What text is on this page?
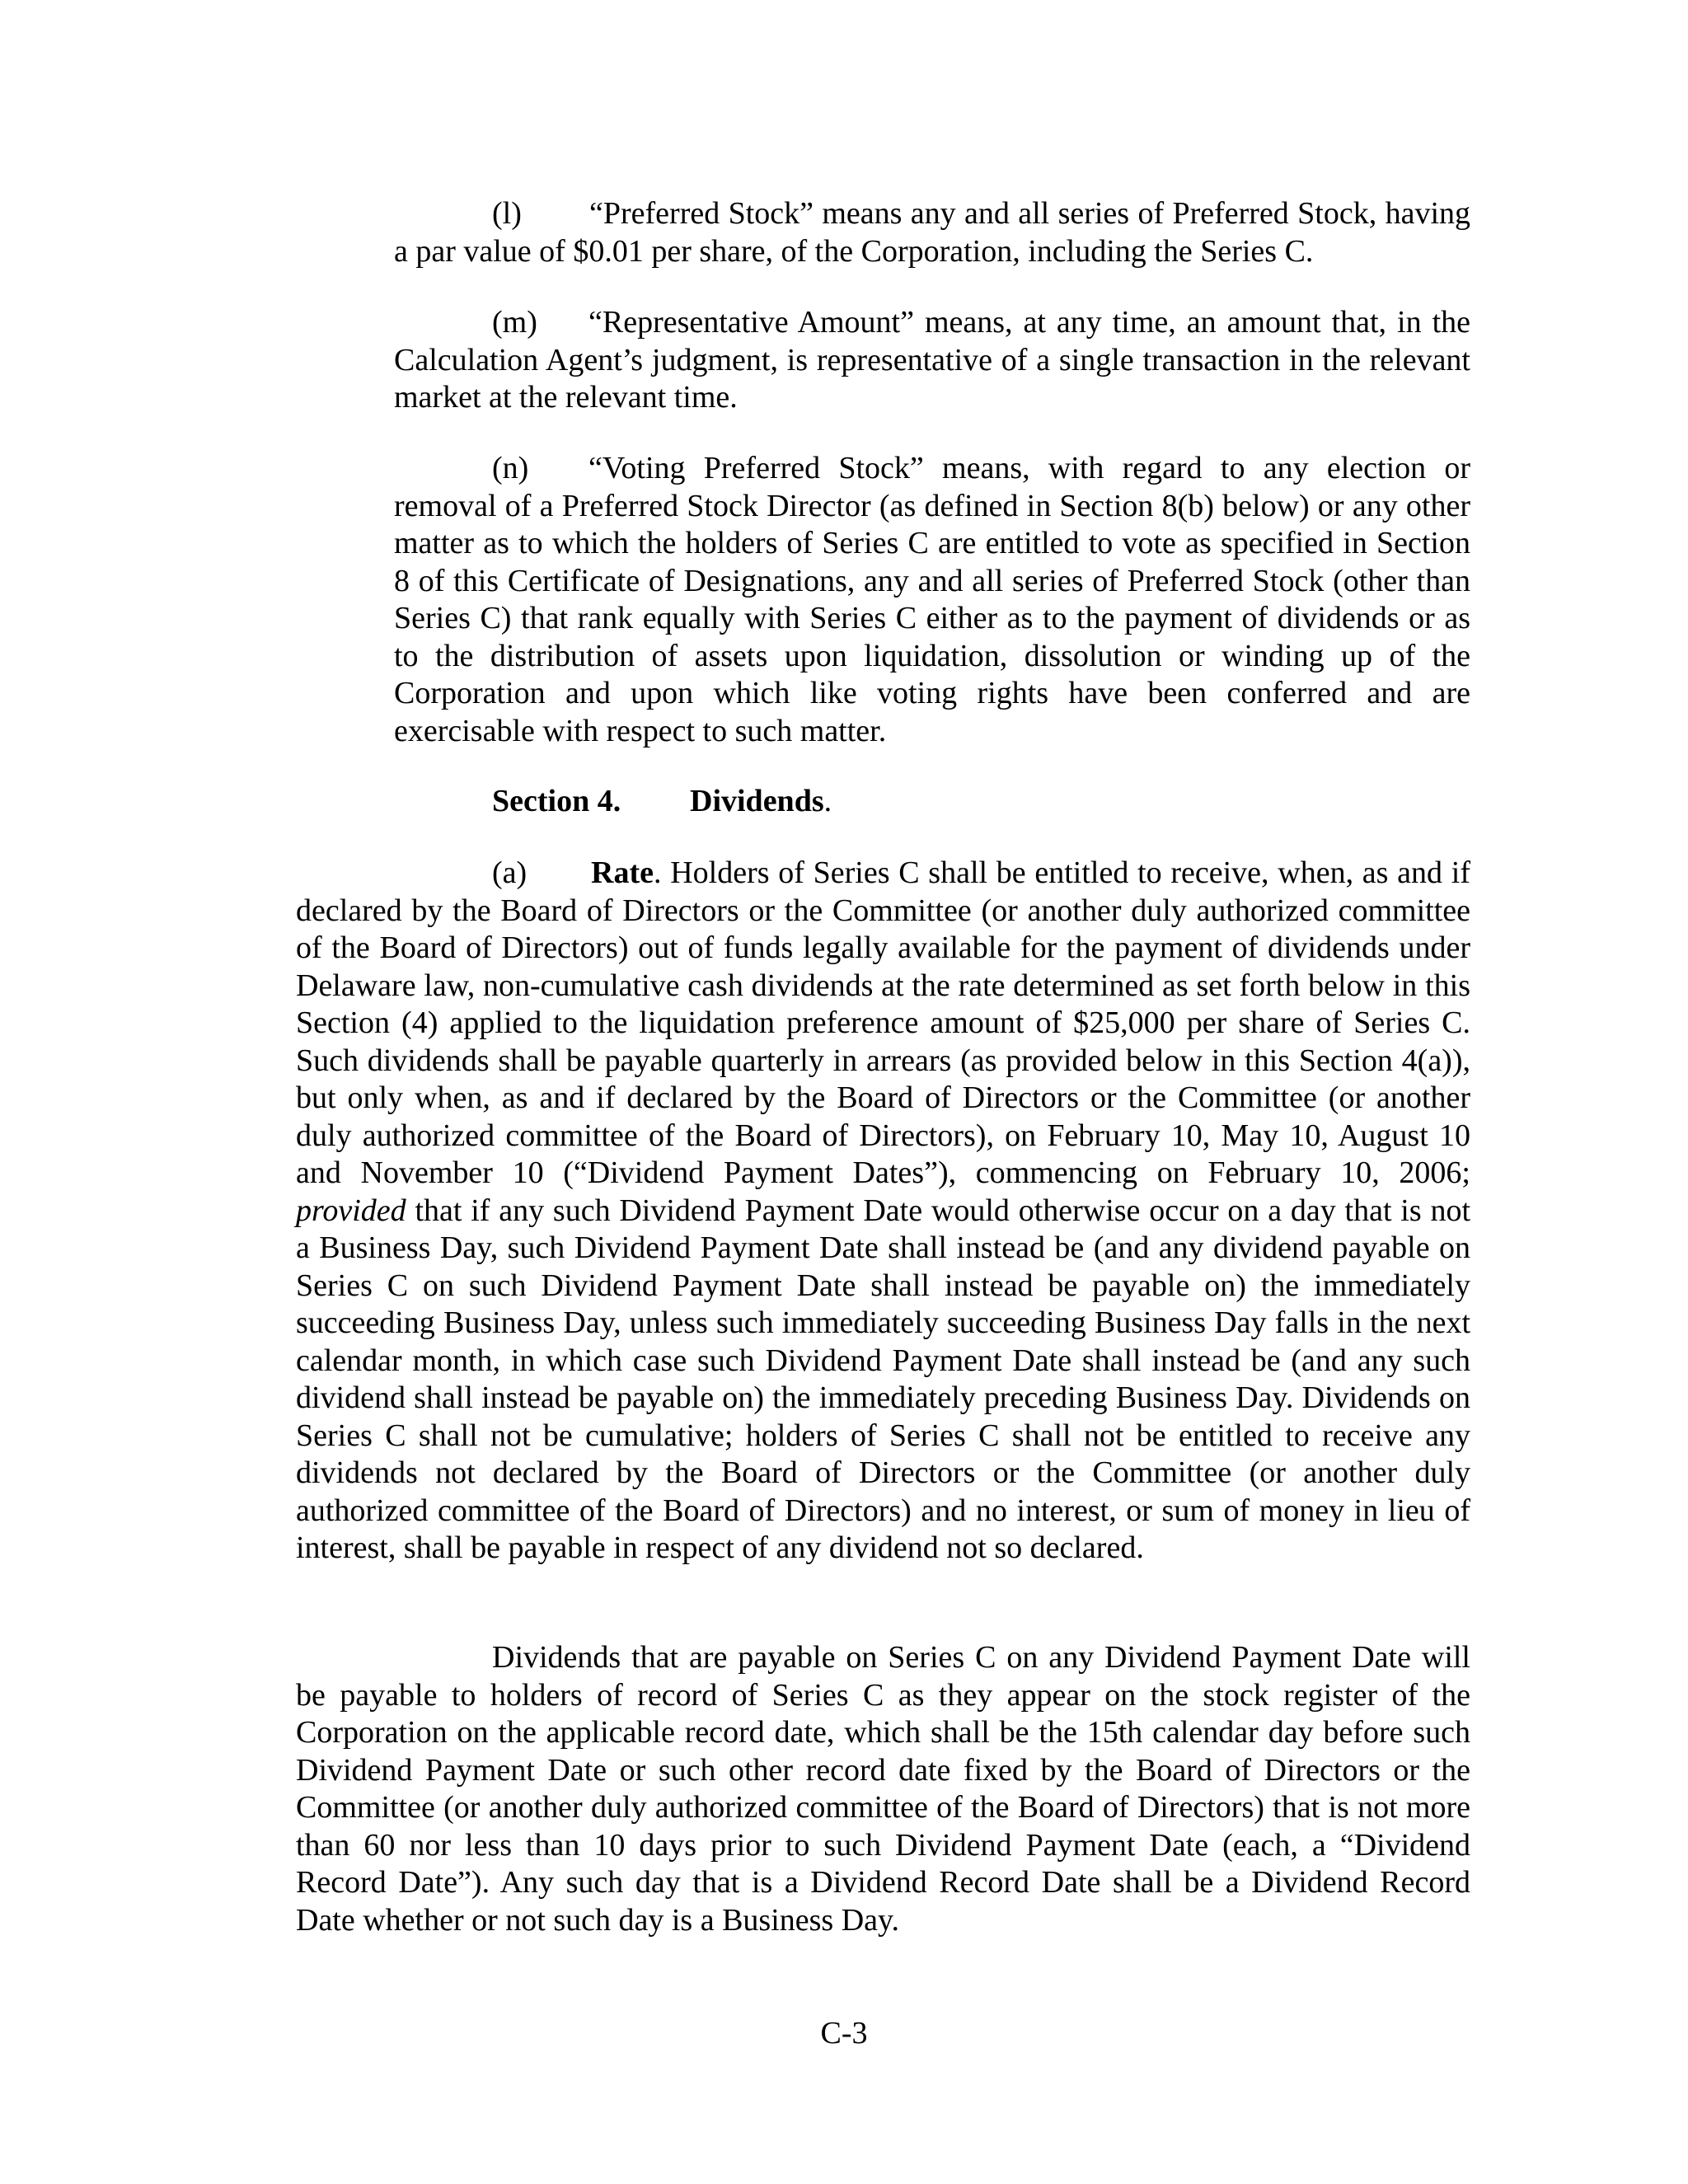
(l) “Preferred Stock” means any and all series of Preferred Stock, having a par value of $0.01 per share, of the Corporation, including the Series C.

(m) “Representative Amount” means, at any time, an amount that, in the Calculation Agent’s judgment, is representative of a single transaction in the relevant market at the relevant time.

(n) “Voting Preferred Stock” means, with regard to any election or removal of a Preferred Stock Director (as defined in Section 8(b) below) or any other matter as to which the holders of Series C are entitled to vote as specified in Section 8 of this Certificate of Designations, any and all series of Preferred Stock (other than Series C) that rank equally with Series C either as to the payment of dividends or as to the distribution of assets upon liquidation, dissolution or winding up of the Corporation and upon which like voting rights have been conferred and are exercisable with respect to such matter.

Section 4. Dividends.

(a) Rate. Holders of Series C shall be entitled to receive, when, as and if declared by the Board of Directors or the Committee (or another duly authorized committee of the Board of Directors) out of funds legally available for the payment of dividends under Delaware law, non-cumulative cash dividends at the rate determined as set forth below in this Section (4) applied to the liquidation preference amount of $25,000 per share of Series C. Such dividends shall be payable quarterly in arrears (as provided below in this Section 4(a)), but only when, as and if declared by the Board of Directors or the Committee (or another duly authorized committee of the Board of Directors), on February 10, May 10, August 10 and November 10 (“Dividend Payment Dates”), commencing on February 10, 2006; provided that if any such Dividend Payment Date would otherwise occur on a day that is not a Business Day, such Dividend Payment Date shall instead be (and any dividend payable on Series C on such Dividend Payment Date shall instead be payable on) the immediately succeeding Business Day, unless such immediately succeeding Business Day falls in the next calendar month, in which case such Dividend Payment Date shall instead be (and any such dividend shall instead be payable on) the immediately preceding Business Day. Dividends on Series C shall not be cumulative; holders of Series C shall not be entitled to receive any dividends not declared by the Board of Directors or the Committee (or another duly authorized committee of the Board of Directors) and no interest, or sum of money in lieu of interest, shall be payable in respect of any dividend not so declared.

Dividends that are payable on Series C on any Dividend Payment Date will be payable to holders of record of Series C as they appear on the stock register of the Corporation on the applicable record date, which shall be the 15th calendar day before such Dividend Payment Date or such other record date fixed by the Board of Directors or the Committee (or another duly authorized committee of the Board of Directors) that is not more than 60 nor less than 10 days prior to such Dividend Payment Date (each, a “Dividend Record Date”). Any such day that is a Dividend Record Date shall be a Dividend Record Date whether or not such day is a Business Day.

C-3
